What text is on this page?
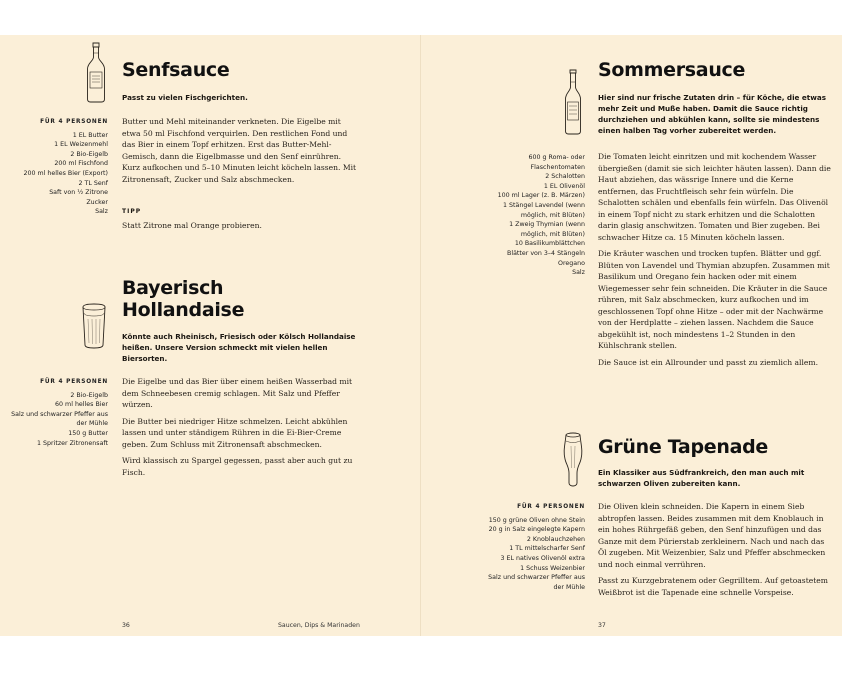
Senfsauce

Passt zu vielen Fischgerichten.

FÜR 4 PERSONEN
1 EL Butter
1 EL Weizenmehl
2 Bio-Eigelb
200 ml Fischfond
200 ml helles Bier (Export)
2 TL Senf
Saft von ½ Zitrone
Zucker
Salz

Butter und Mehl miteinander verkneten. Die Eigelbe mit etwa 50 ml Fischfond verquirlen. Den restlichen Fond und das Bier in einem Topf erhitzen. Erst das Butter-Mehl-Gemisch, dann die Eigelbmasse und den Senf einrühren. Kurz aufkochen und 5–10 Minuten leicht köcheln lassen. Mit Zitronensaft, Zucker und Salz abschmecken.

TIPP

Statt Zitrone mal Orange probieren.

Bayerisch
Hollandaise

Könnte auch Rheinisch, Friesisch oder Kölsch Hollandaise heißen. Unsere Version schmeckt mit vielen hellen Biersorten.

FÜR 4 PERSONEN
2 Bio-Eigelb
60 ml helles Bier
Salz und schwarzer Pfeffer aus
der Mühle
150 g Butter
1 Spritzer Zitronensaft

Die Eigelbe und das Bier über einem heißen Wasserbad mit dem Schneebesen cremig schlagen. Mit Salz und Pfeffer würzen.

Die Butter bei niedriger Hitze schmelzen. Leicht abkühlen lassen und unter ständigem Rühren in die Ei-Bier-Creme geben. Zum Schluss mit Zitronensaft abschmecken.

Wird klassisch zu Spargel gegessen, passt aber auch gut zu Fisch.

36	Saucen, Dips & Marinaden
Sommersauce

Hier sind nur frische Zutaten drin – für Köche, die etwas mehr Zeit und Muße haben. Damit die Sauce richtig durchziehen und abkühlen kann, sollte sie mindestens einen halben Tag vorher zubereitet werden.

600 g Roma- oder
Flaschentomaten
2 Schalotten
1 EL Olivenöl
100 ml Lager (z. B. Märzen)
1 Stängel Lavendel (wenn
möglich, mit Blüten)
1 Zweig Thymian (wenn
möglich, mit Blüten)
10 Basilikumblättchen
Blätter von 3–4 Stängeln
Oregano
Salz

Die Tomaten leicht einritzen und mit kochendem Wasser übergießen (damit sie sich leichter häuten lassen). Dann die Haut abziehen, das wässrige Innere und die Kerne entfernen, das Fruchtfleisch sehr fein würfeln. Die Schalotten schälen und ebenfalls fein würfeln. Das Olivenöl in einem Topf nicht zu stark erhitzen und die Schalotten darin glasig anschwitzen. Tomaten und Bier zugeben. Bei schwacher Hitze ca. 15 Minuten köcheln lassen.

Die Kräuter waschen und trocken tupfen. Blätter und ggf. Blüten von Lavendel und Thymian abzupfen. Zusammen mit Basilikum und Oregano fein hacken oder mit einem Wiegemesser sehr fein schneiden. Die Kräuter in die Sauce rühren, mit Salz abschmecken, kurz aufkochen und im geschlossenen Topf ohne Hitze – oder mit der Nachwärme von der Herdplatte – ziehen lassen. Nachdem die Sauce abgekühlt ist, noch mindestens 1–2 Stunden in den Kühlschrank stellen.

Die Sauce ist ein Allrounder und passt zu ziemlich allem.

Grüne Tapenade

Ein Klassiker aus Südfrankreich, den man auch mit schwarzen Oliven zubereiten kann.

FÜR 4 PERSONEN
150 g grüne Oliven ohne Stein
20 g in Salz eingelegte Kapern
2 Knoblauchzehen
1 TL mittelscharfer Senf
3 EL natives Olivenöl extra
1 Schuss Weizenbier
Salz und schwarzer Pfeffer aus
der Mühle

Die Oliven klein schneiden. Die Kapern in einem Sieb abtropfen lassen. Beides zusammen mit dem Knoblauch in ein hohes Rührgefäß geben, den Senf hinzufügen und das Ganze mit dem Pürierstab zerkleinern. Nach und nach das Öl zugeben. Mit Weizenbier, Salz und Pfeffer abschmecken und noch einmal verrühren.

Passt zu Kurzgebratenem oder Gegrilltem. Auf getoastetem Weißbrot ist die Tapenade eine schnelle Vorspeise.

37
